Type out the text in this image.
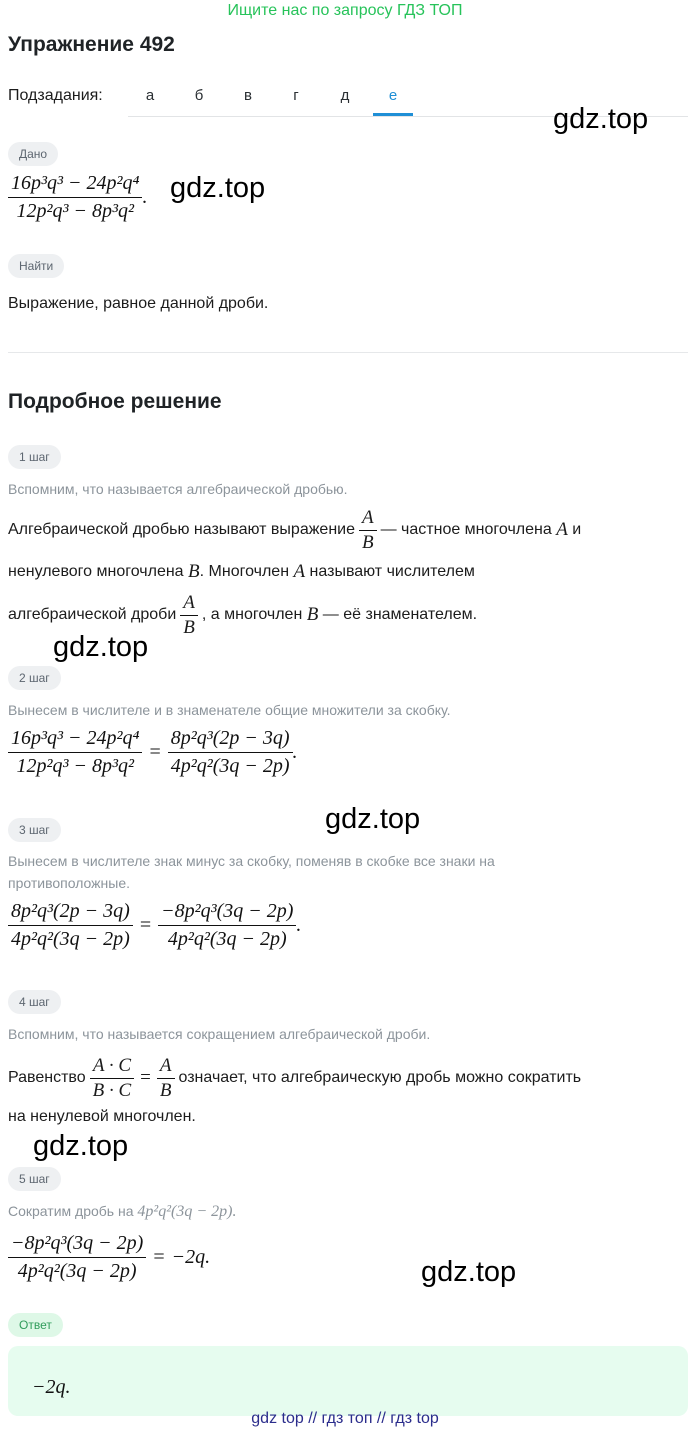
Ищите нас по запросу ГДЗ ТОП
Упражнение 492
Подзадания:	а	б	в	г	д	е
gdz.top
gdz.top
gdz.top
gdz.top
gdz.top
gdz.top
Дано
$\frac{\text{16p³q³ − 24p²q⁴}}{\text{12p²q³ − 8p³q²}}$ .
Найти
Выражение, равное данной дроби.
Подробное решение
1 шаг
Вспомним, что называется алгебраической дробью.
Алгебраической дробью называют выражение $\frac{A}{B}$ — частное многочлена
A
и
ненулевого многочлена
B . Многочлен
A
называют числителем
алгебраической дроби $\frac{A}{B}$ , а многочлен
B
— её знаменателем.
2 шаг
Вынесем в числителе и в знаменателе общие множители за скобку.
$\frac{\text{16p³q³ − 24p²q⁴}}{\text{12p²q³ − 8p³q²}} = \frac{\text{8p²q³(2p − 3q)}}{\text{4p²q²(3q − 2p)}}$ .
3 шаг
Вынесем в числителе знак минус за скобку, поменяв в скобке все знаки на
противоположные.
$\frac{\text{8p²q³(2p − 3q)}}{\text{4p²q²(3q − 2p)}} = \frac{\text{−8p²q³(3q − 2p)}}{\text{4p²q²(3q − 2p)}}$ .
4 шаг
Вспомним, что называется сокращением алгебраической дроби.
Равенство $\frac{A \cdot C}{B \cdot C} = \frac{A}{B}$ означает, что алгебраическую дробь можно сократить
на ненулевой многочлен.
5 шаг
Сократим дробь на 4p²q²(3q − 2p).
$\frac{\text{−8p²q³(3q − 2p)}}{\text{4p²q²(3q − 2p)}} = -2q$.
Ответ
−2q.
gdz top // гдз топ // гдз top
